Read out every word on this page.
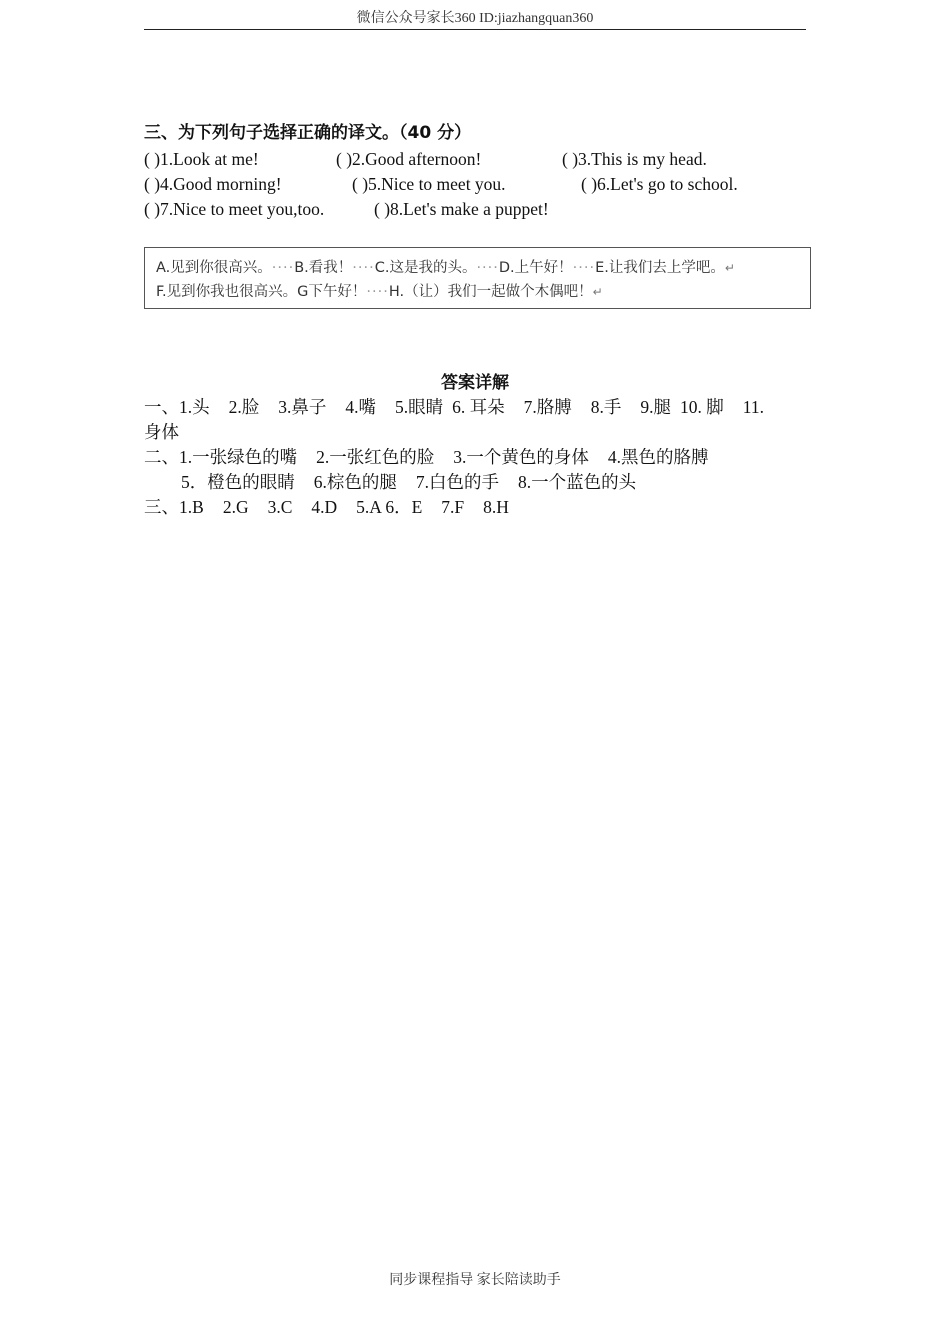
微信公众号家长360 ID:jiazhangquan360
三、为下列句子选择正确的译文。（40 分）
( )1.Look at me!	( )2.Good afternoon!	( )3.This is my head.
( )4.Good morning!	( )5.Nice to meet you.	( )6.Let's go to school.
( )7.Nice to meet you,too.	( )8.Let's make a puppet!
A.见到你很高兴。····B.看我！····C.这是我的头。····D.上午好！····E.让我们去上学吧。↵
F.见到你我也很高兴。G下午好！····H.（让）我们一起做个木偶吧！↵
答案详解
一、1.头 2.脸 3.鼻子 4.嘴 5.眼睛 6. 耳朵 7.胳膊 8.手 9.腿 10. 脚 11.
身体
二、1.一张绿色的嘴 2.一张红色的脸 3.一个黄色的身体 4.黑色的胳膊
5．橙色的眼睛 6.棕色的腿 7.白色的手 8.一个蓝色的头
三、1.B 2.G 3.C 4.D 5.A 6．E 7.F 8.H
同步课程指导 家长陪读助手
